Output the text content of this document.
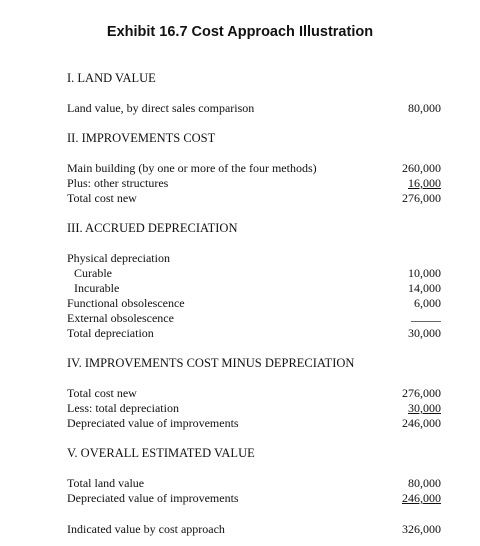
Exhibit 16.7 Cost Approach Illustration
I. LAND VALUE
Land value, by direct sales comparison	80,000
II. IMPROVEMENTS COST
Main building (by one or more of the four methods)	260,000
Plus: other structures	16,000
Total cost new	276,000
III. ACCRUED DEPRECIATION
Physical depreciation
Curable	10,000
Incurable	14,000
Functional obsolescence	6,000
External obsolescence
Total depreciation	30,000
IV. IMPROVEMENTS COST MINUS DEPRECIATION
Total cost new	276,000
Less: total depreciation	30,000
Depreciated value of improvements	246,000
V. OVERALL ESTIMATED VALUE
Total land value	80,000
Depreciated value of improvements	246,000
Indicated value by cost approach	326,000
